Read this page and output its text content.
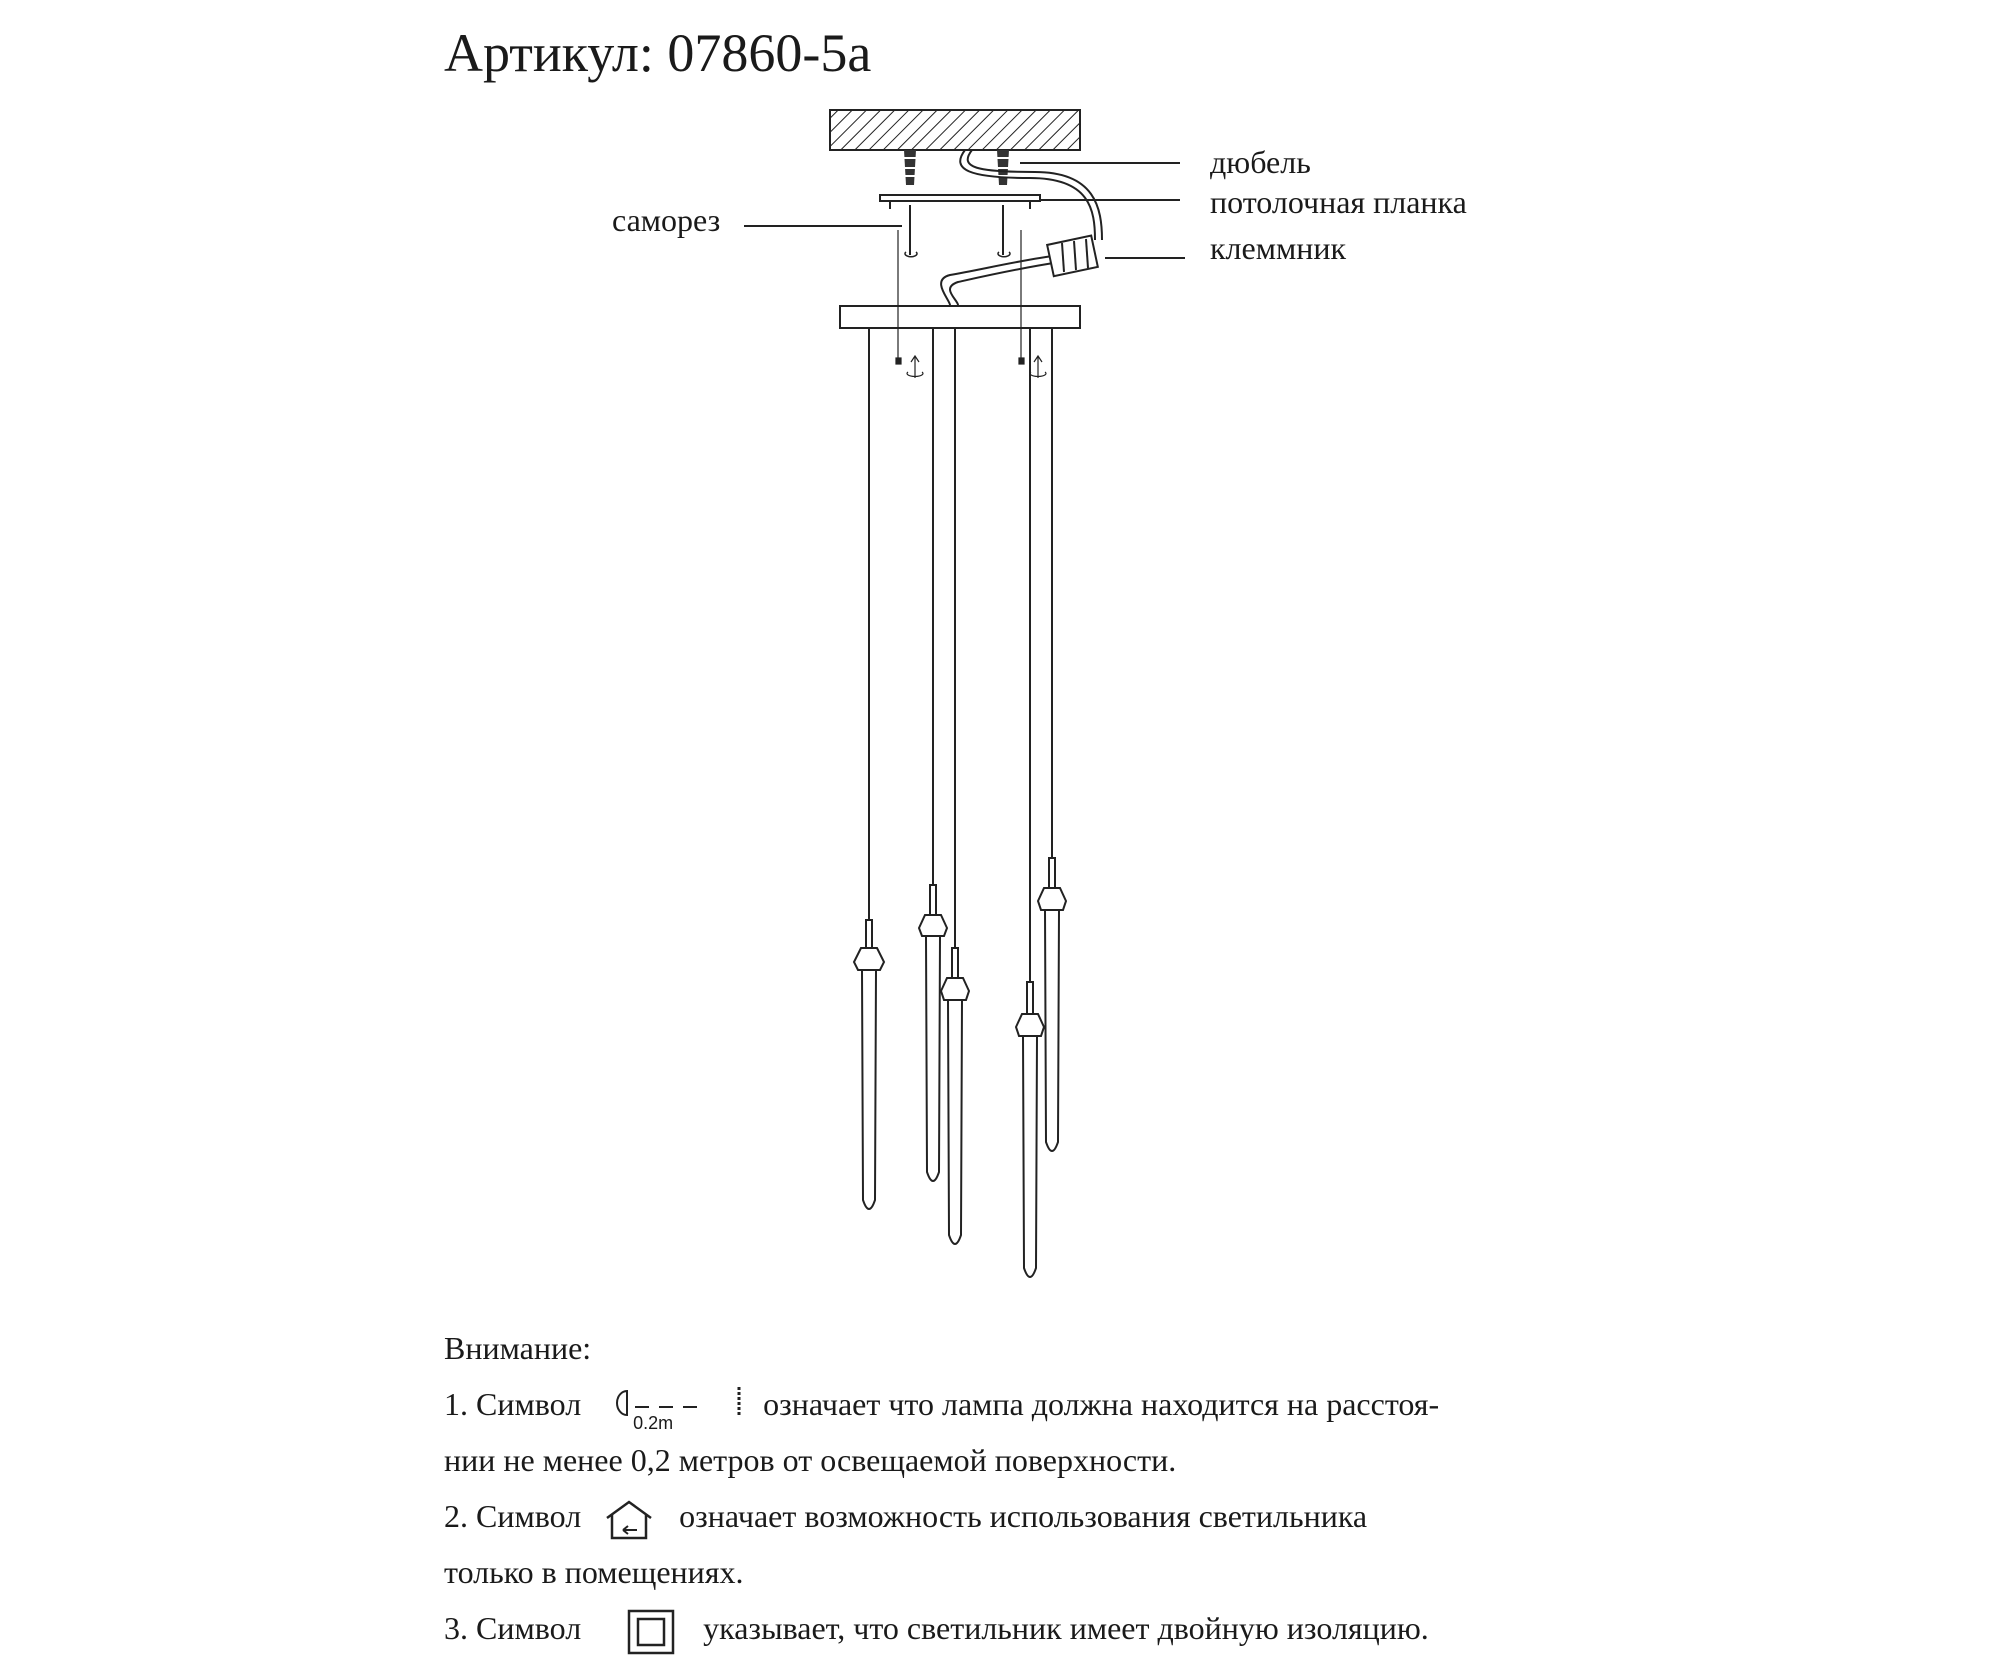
Артикул: 07860-5а
дюбель
потолочная планка
клеммник
саморез
Внимание:
1. Символ
0.2m
означает что лампа должна находится на расстоя-
нии не менее 0,2 метров от освещаемой поверхности.
2. Символ	означает возможность использования светильника
только в помещениях.
3. Символ	указывает, что светильник имеет двойную изоляцию.
